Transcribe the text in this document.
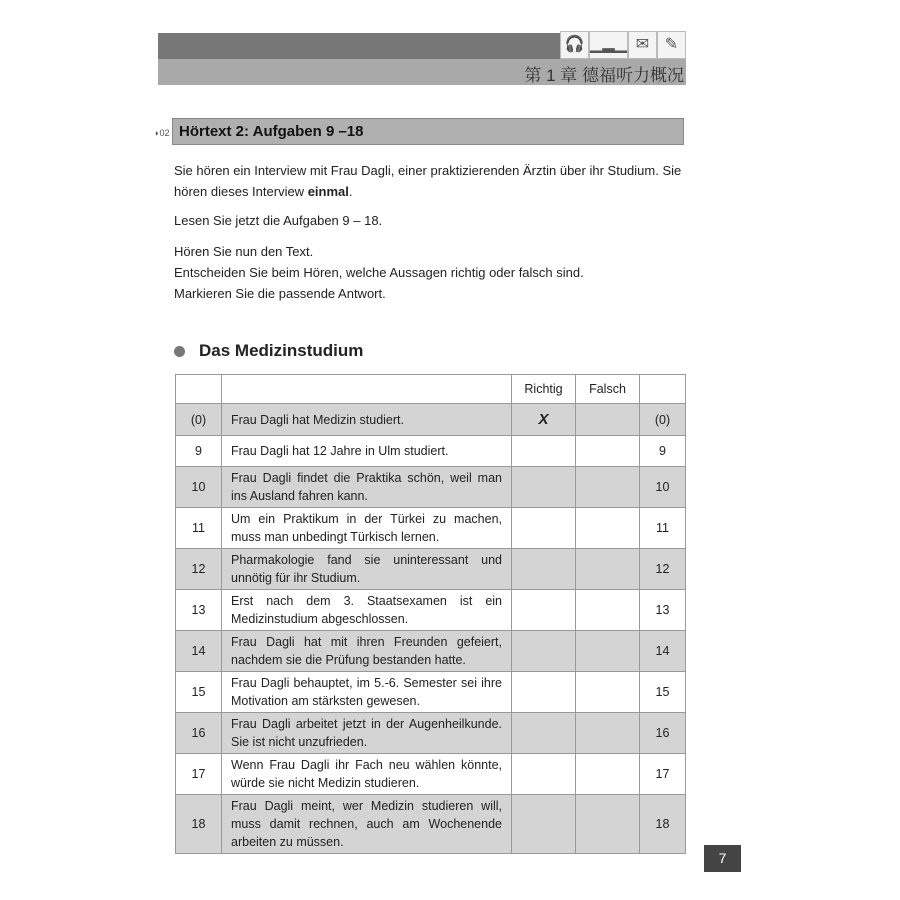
🎧 ▁▂▁ ✉ ✎
第 1 章 德福听力概况
◗02 Hörtext 2: Aufgaben 9 –18
Sie hören ein Interview mit Frau Dagli, einer praktizierenden Ärztin über ihr Studium. Sie hören dieses Interview einmal.
Lesen Sie jetzt die Aufgaben 9 – 18.
Hören Sie nun den Text.
Entscheiden Sie beim Hören, welche Aussagen richtig oder falsch sind.
Markieren Sie die passende Antwort.
Das Medizinstudium
		Richtig	Falsch	
(0)	Frau Dagli hat Medizin studiert.	X		(0)
9	Frau Dagli hat 12 Jahre in Ulm studiert.			9
10	Frau Dagli findet die Praktika schön, weil man ins Ausland fahren kann.			10
11	Um ein Praktikum in der Türkei zu machen, muss man unbedingt Türkisch lernen.			11
12	Pharmakologie fand sie uninteressant und unnötig für ihr Studium.			12
13	Erst nach dem 3. Staatsexamen ist ein Medizinstudium abgeschlossen.			13
14	Frau Dagli hat mit ihren Freunden gefeiert, nachdem sie die Prüfung bestanden hatte.			14
15	Frau Dagli behauptet, im 5.-6. Semester sei ihre Motivation am stärksten gewesen.			15
16	Frau Dagli arbeitet jetzt in der Augenheilkunde. Sie ist nicht unzufrieden.			16
17	Wenn Frau Dagli ihr Fach neu wählen könnte, würde sie nicht Medizin studieren.			17
18	Frau Dagli meint, wer Medizin studieren will, muss damit rechnen, auch am Wochenende arbeiten zu müssen.			18
7
